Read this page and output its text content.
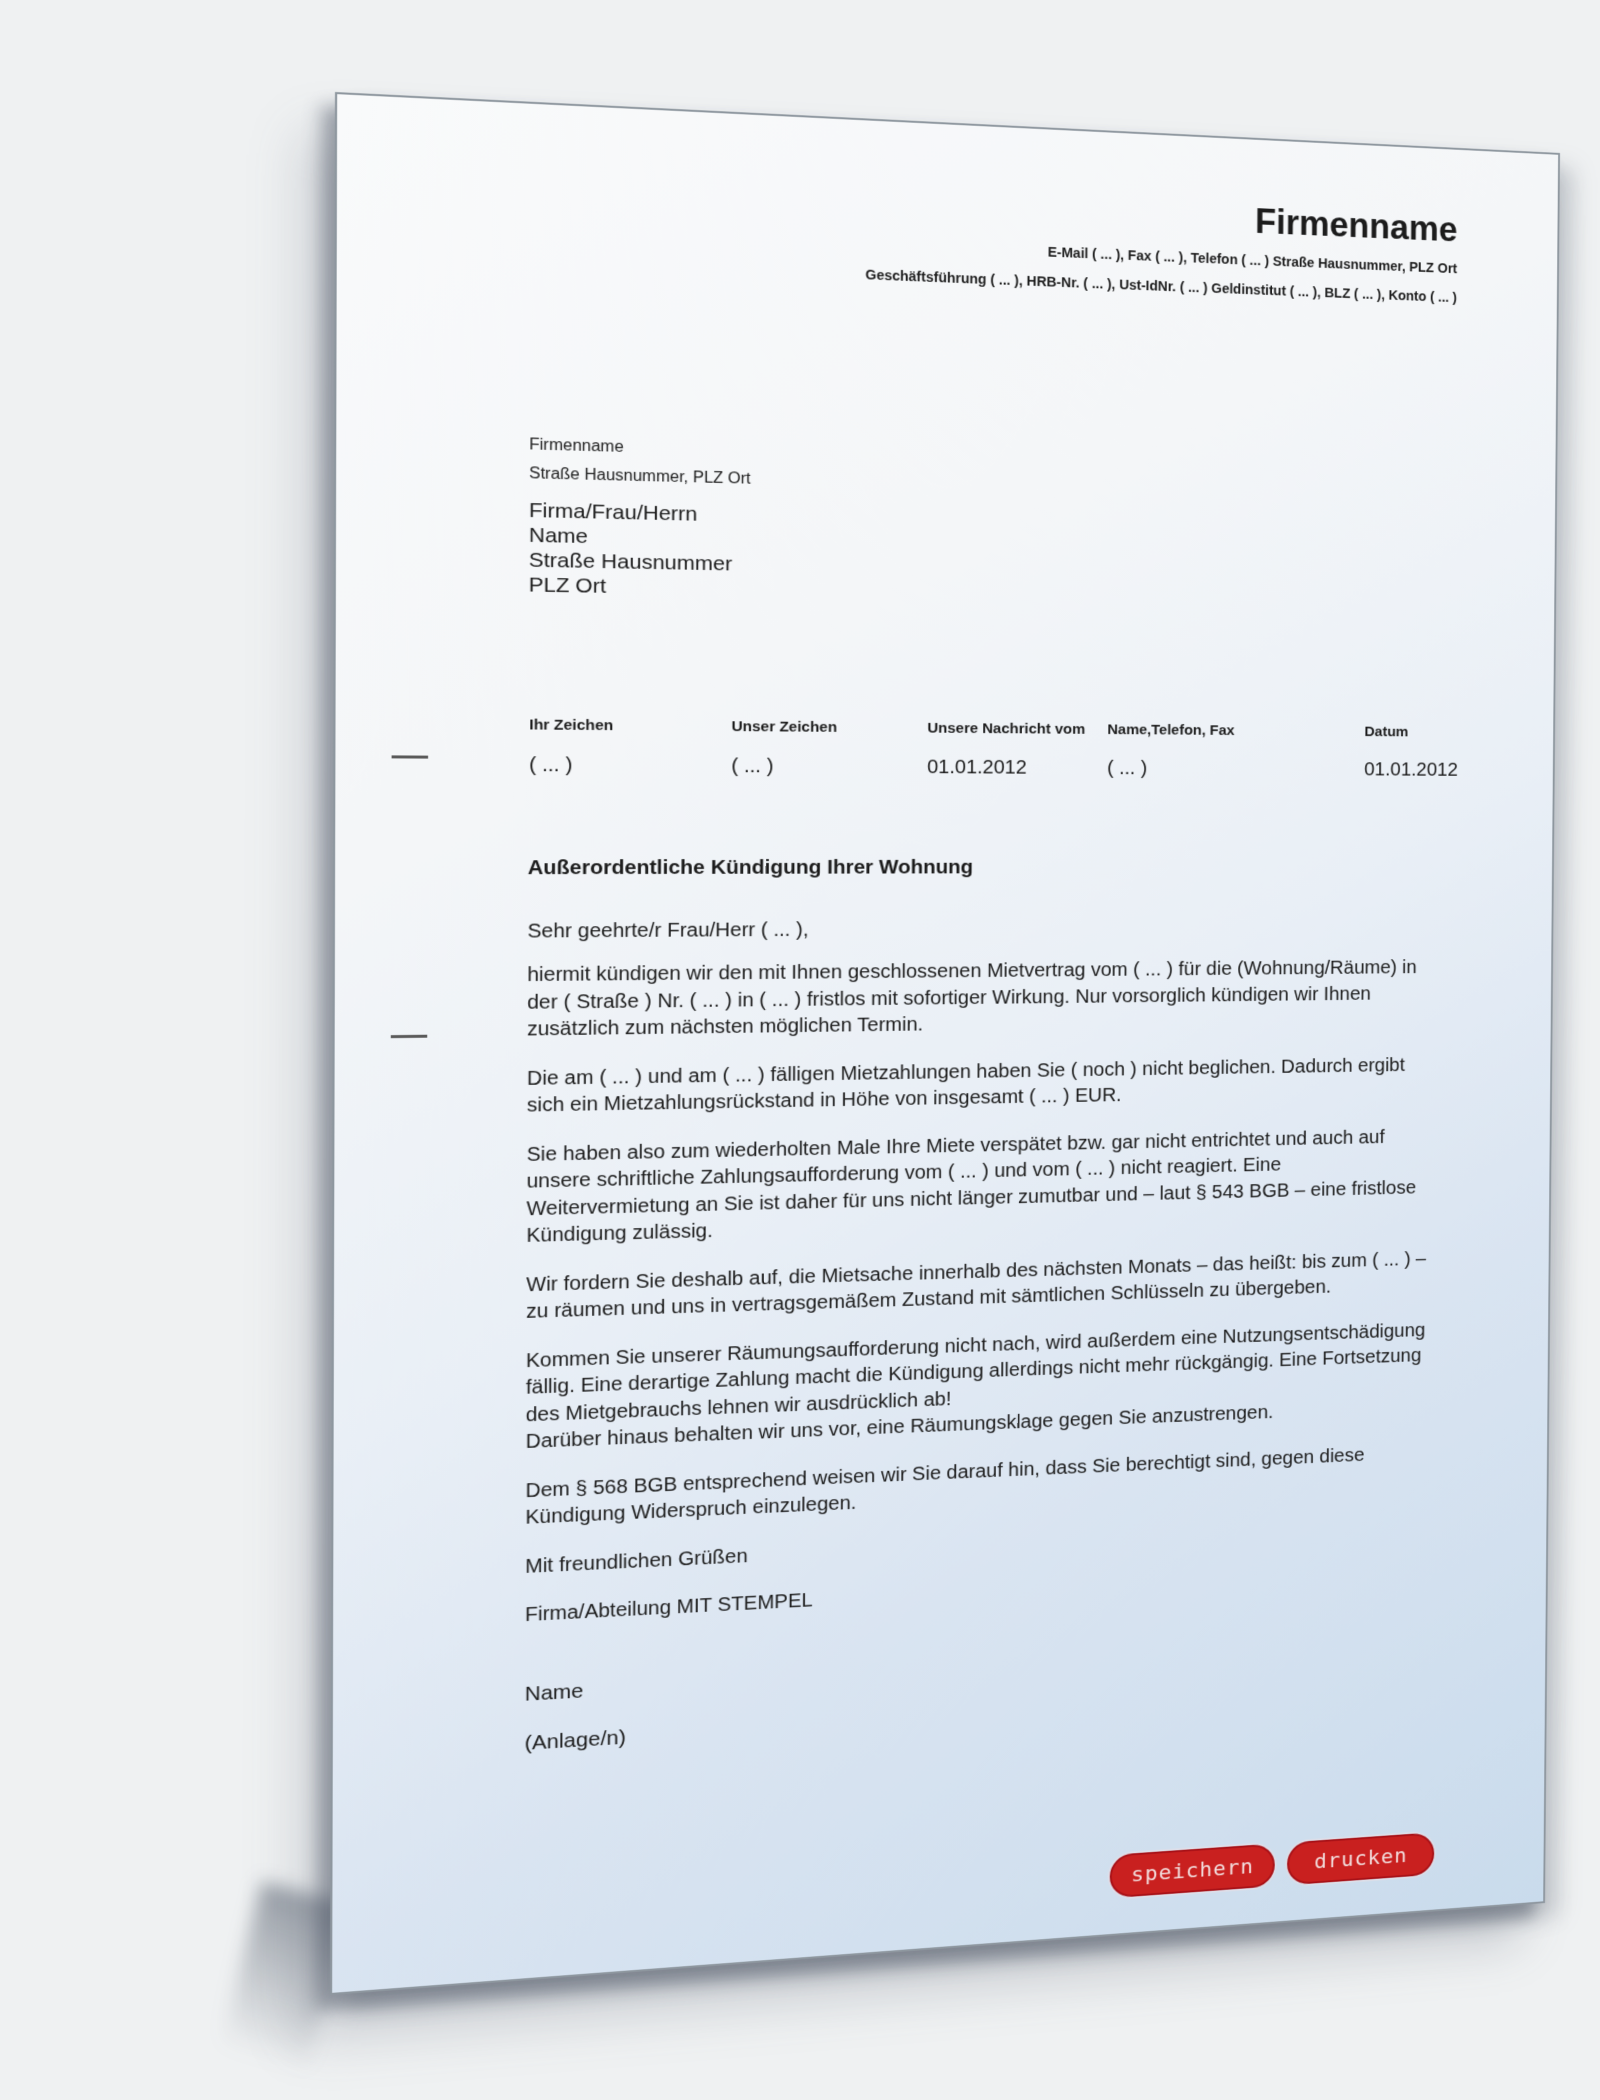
Firmenname
E-Mail ( ... ), Fax ( ... ), Telefon ( ... ) Straße Hausnummer, PLZ Ort
Geschäftsführung ( ... ), HRB-Nr. ( ... ), Ust-IdNr. ( ... ) Geldinstitut ( ... ), BLZ ( ... ), Konto ( ... )
Firmenname
Straße Hausnummer, PLZ Ort
Firma/Frau/Herrn
Name
Straße Hausnummer
PLZ Ort
Ihr Zeichen
( ... )
Unser Zeichen
( ... )
Unsere Nachricht vom
01.01.2012
Name,Telefon, Fax
( ... )
Datum
01.01.2012
Außerordentliche Kündigung Ihrer Wohnung
Sehr geehrte/r Frau/Herr ( ... ),

hiermit kündigen wir den mit Ihnen geschlossenen Mietvertrag vom ( ... ) für die (Wohnung/Räume) in
der ( Straße ) Nr. ( ... ) in ( ... ) fristlos mit sofortiger Wirkung. Nur vorsorglich kündigen wir Ihnen
zusätzlich zum nächsten möglichen Termin.

Die am ( ... ) und am ( ... ) fälligen Mietzahlungen haben Sie ( noch ) nicht beglichen. Dadurch ergibt
sich ein Mietzahlungsrückstand in Höhe von insgesamt ( ... ) EUR.

Sie haben also zum wiederholten Male Ihre Miete verspätet bzw. gar nicht entrichtet und auch auf
unsere schriftliche Zahlungsaufforderung vom ( ... ) und vom ( ... ) nicht reagiert. Eine
Weitervermietung an Sie ist daher für uns nicht länger zumutbar und – laut § 543 BGB – eine fristlose
Kündigung zulässig.

Wir fordern Sie deshalb auf, die Mietsache innerhalb des nächsten Monats – das heißt: bis zum ( ... ) –
zu räumen und uns in vertragsgemäßem Zustand mit sämtlichen Schlüsseln zu übergeben.

Kommen Sie unserer Räumungsaufforderung nicht nach, wird außerdem eine Nutzungsentschädigung
fällig. Eine derartige Zahlung macht die Kündigung allerdings nicht mehr rückgängig. Eine Fortsetzung
des Mietgebrauchs lehnen wir ausdrücklich ab!
Darüber hinaus behalten wir uns vor, eine Räumungsklage gegen Sie anzustrengen.

Dem § 568 BGB entsprechend weisen wir Sie darauf hin, dass Sie berechtigt sind, gegen diese
Kündigung Widerspruch einzulegen.

Mit freundlichen Grüßen

Firma/Abteilung MIT STEMPEL

Name
(Anlage/n)
speichern	drucken
